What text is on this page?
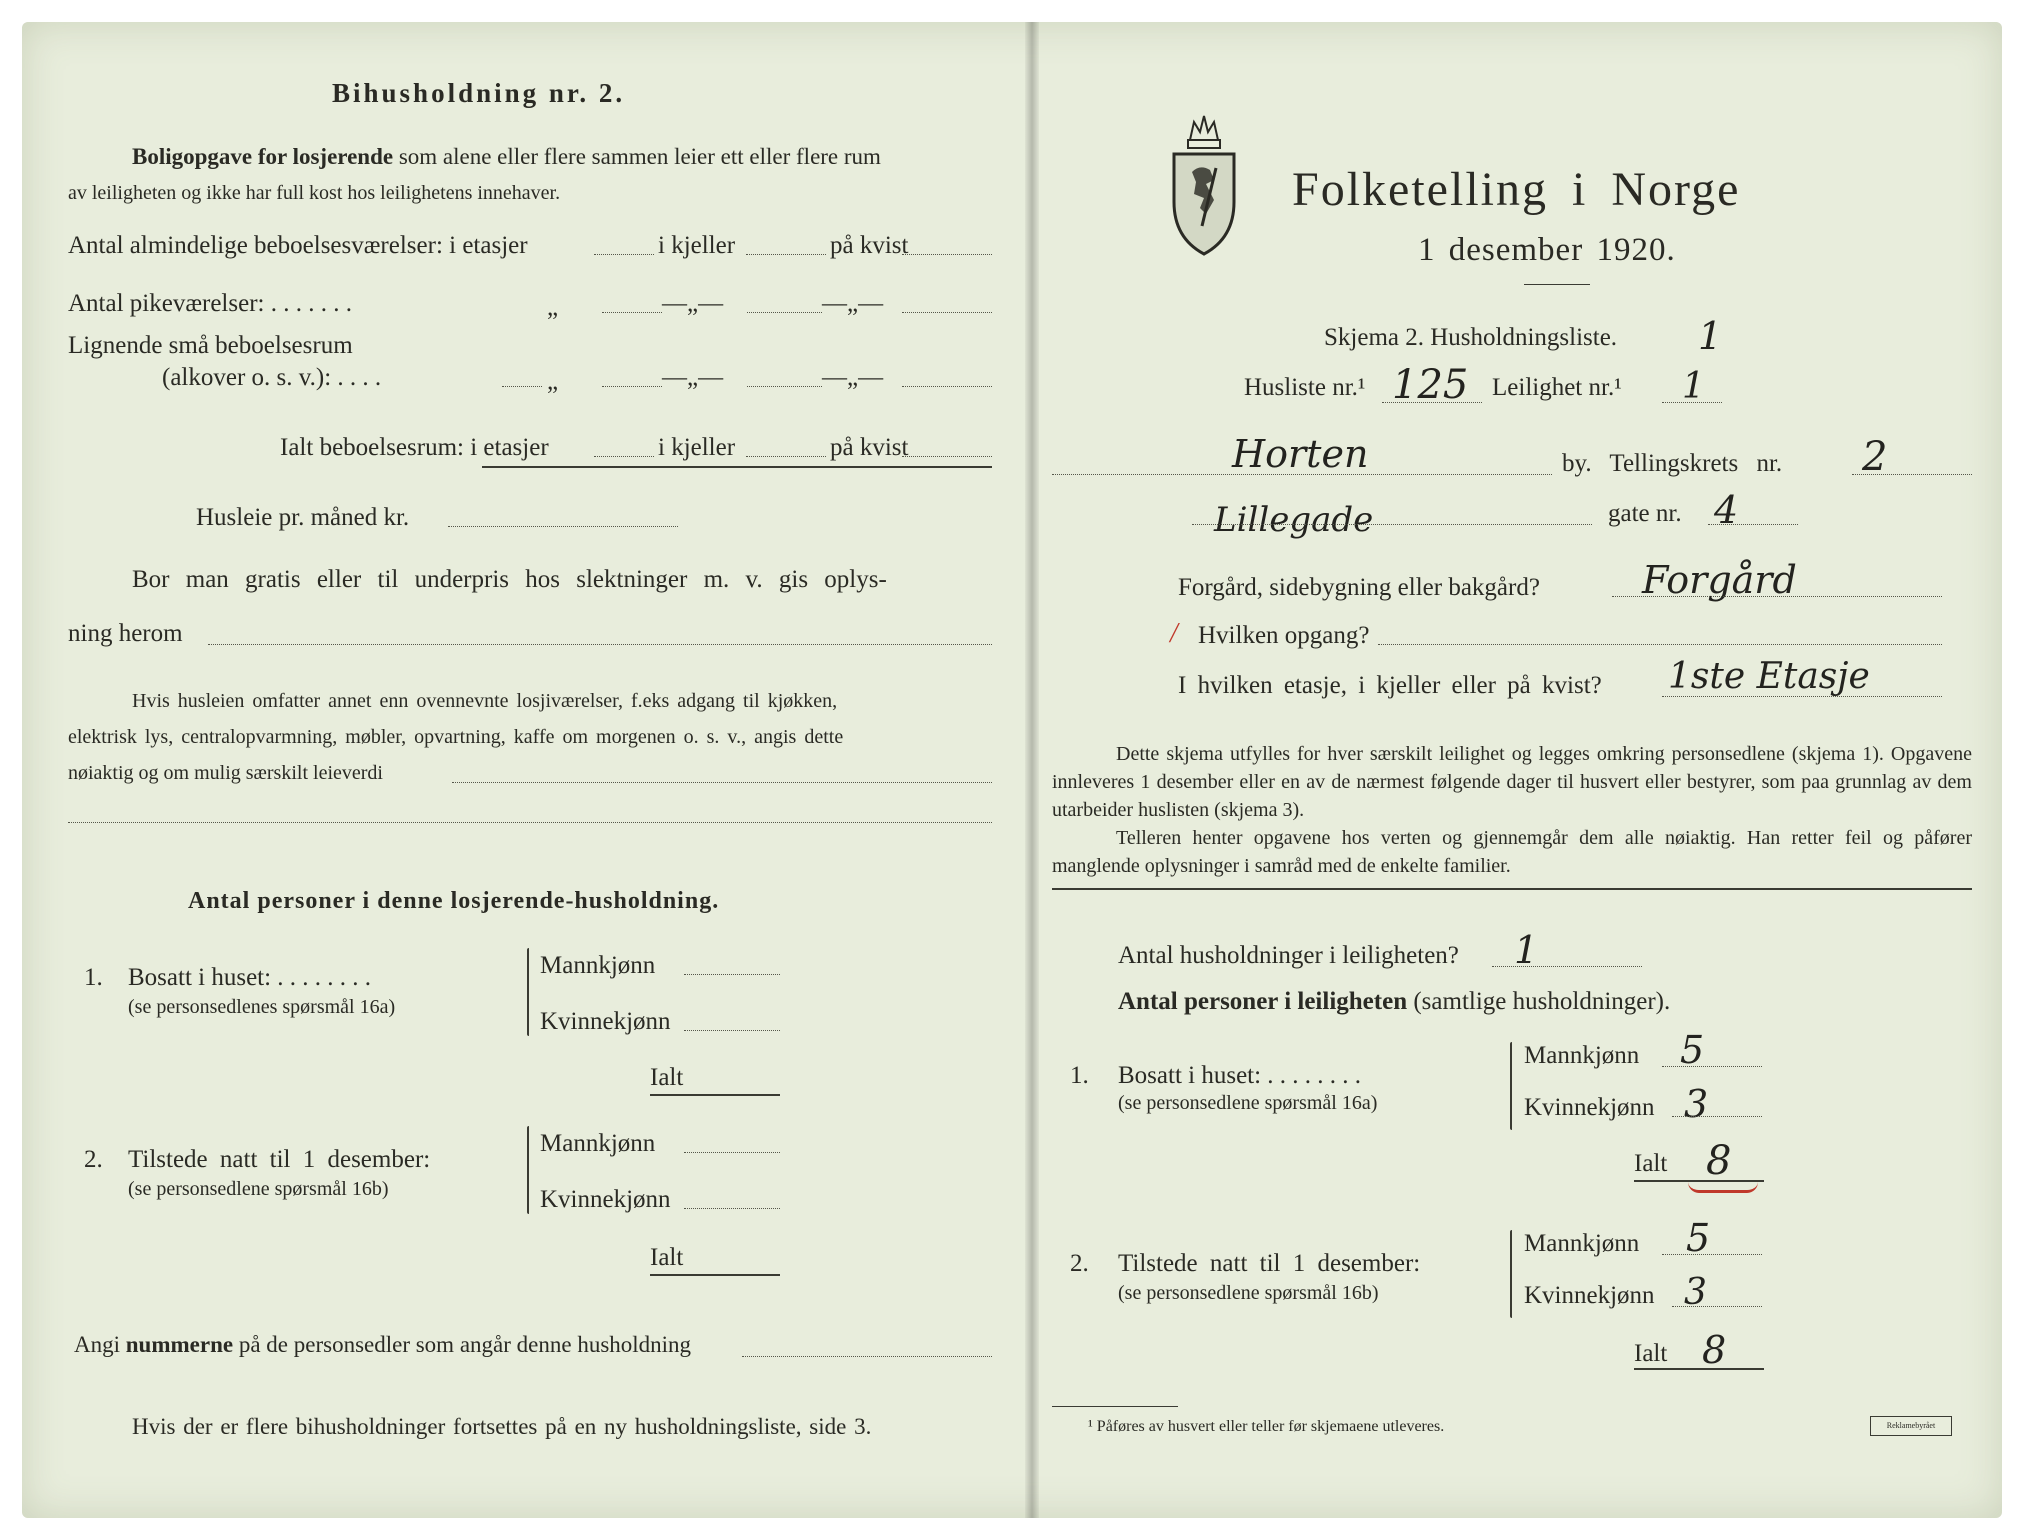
Bihusholdning nr. 2.
Boligopgave for losjerende som alene eller flere sammen leier ett eller flere rum
av leiligheten og ikke har full kost hos leilighetens innehaver.
Antal almindelige beboelsesværelser: i etasjer	i kjeller	på kvist
Antal pikeværelser: . . . . . . .	„	—„—	—„—
Lignende små beboelsesrum
(alkover o. s. v.): . . . .	„	—„—	—„—
Ialt beboelsesrum: i etasjer	i kjeller	på kvist
Husleie pr. måned kr.
Bor man gratis eller til underpris hos slektninger m. v. gis oplys-
ning herom
Hvis husleien omfatter annet enn ovennevnte losjiværelser, f.eks adgang til kjøkken,
elektrisk lys, centralopvarmning, møbler, opvartning, kaffe om morgenen o. s. v., angis dette
nøiaktig og om mulig særskilt leieverdi
Antal personer i denne losjerende-husholdning.
1. Bosatt i huset: . . . . . . . .
(se personsedlenes spørsmål 16a)
Mannkjønn
Kvinnekjønn
Ialt
2. Tilstede natt til 1 desember:
(se personsedlene spørsmål 16b)
Mannkjønn
Kvinnekjønn
Ialt
Angi nummerne på de personsedler som angår denne husholdning
Hvis der er flere bihusholdninger fortsettes på en ny husholdningsliste, side 3.
Folketelling i Norge
1 desember 1920.
Skjema 2. Husholdningsliste. 1
Husliste nr.¹ 125 Leilighet nr.¹ 1
Horten	by. Tellingskrets nr. 2
Lillegade	gate nr. 4
Forgård, sidebygning eller bakgård?	Forgård
Hvilken opgang?
/
I hvilken etasje, i kjeller eller på kvist? 1ste Etasje
Dette skjema utfylles for hver særskilt leilighet og legges omkring personsedlene (skjema 1). Opgavene innleveres 1 desember eller en av de nærmest følgende dager til husvert eller bestyrer, som paa grunnlag av dem utarbeider huslisten (skjema 3).
Telleren henter opgavene hos verten og gjennemgår dem alle nøiaktig. Han retter feil og påfører manglende oplysninger i samråd med de enkelte familier.
Antal husholdninger i leiligheten? 1
Antal personer i leiligheten (samtlige husholdninger).
1. Bosatt i huset: . . . . . . . .
(se personsedlene spørsmål 16a)
Mannkjønn 5
Kvinnekjønn 3
Ialt 8
2. Tilstede natt til 1 desember:
(se personsedlene spørsmål 16b)
Mannkjønn 5
Kvinnekjønn 3
Ialt 8
¹ Påføres av husvert eller teller før skjemaene utleveres.	Reklamebyrået
